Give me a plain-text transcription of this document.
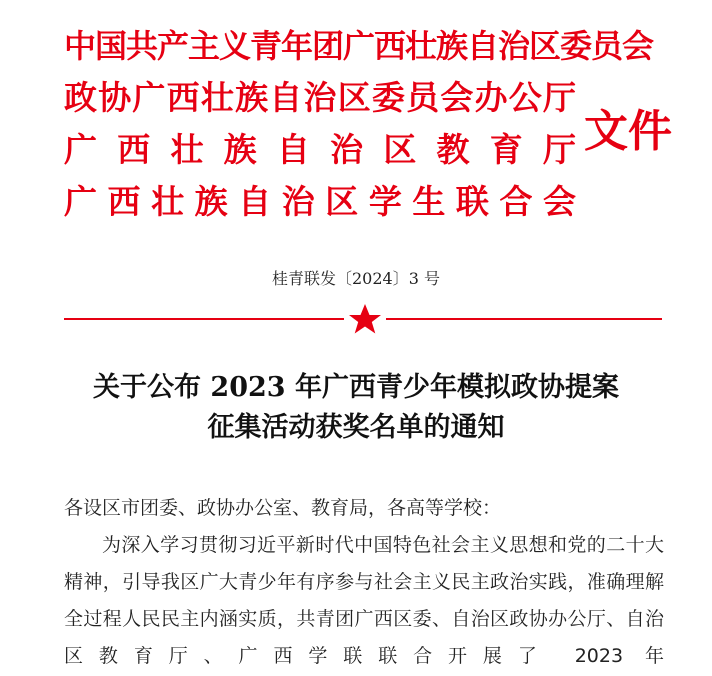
中国共产主义青年团广西壮族自治区委员会
政协广西壮族自治区委员会办公厅
广西壮族自治区教育厅
广西壮族自治区学生联合会
文件
桂青联发〔2024〕3 号
关于公布 2023 年广西青少年模拟政协提案
征集活动获奖名单的通知

各设区市团委、政协办公室、教育局，各高等学校：

为深入学习贯彻习近平新时代中国特色社会主义思想和党的二十大精神，引导我区广大青少年有序参与社会主义民主政治实践，准确理解全过程人民民主内涵实质，共青团广西区委、自治区政协办公厅、自治区教育厅、广西学联联合开展了 2023 年
